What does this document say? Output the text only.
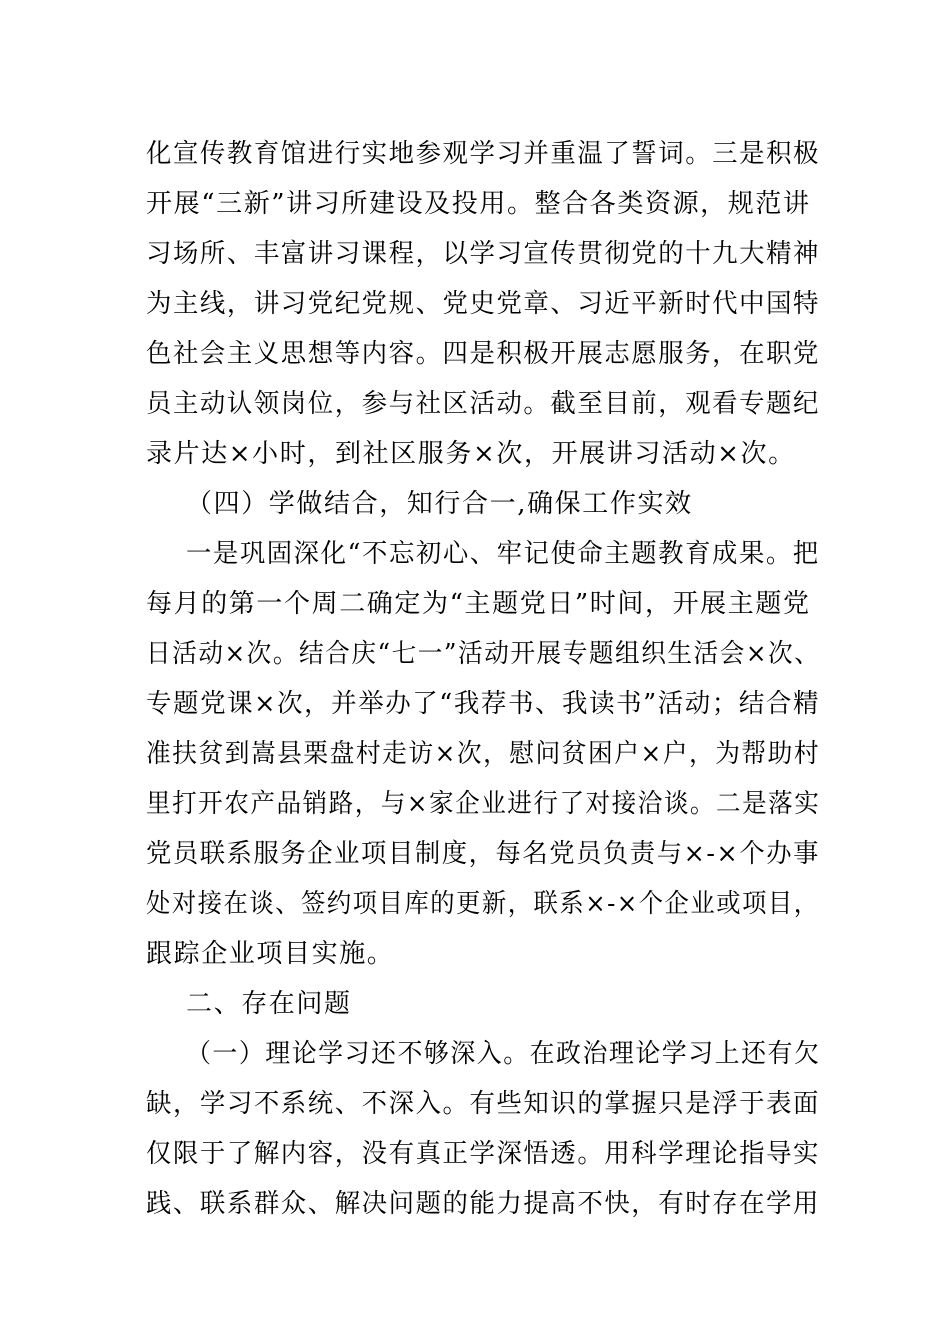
化宣传教育馆进行实地参观学习并重温了誓词。三是积极
开展“三新”讲习所建设及投用。整合各类资源，规范讲
习场所、丰富讲习课程，以学习宣传贯彻党的十九大精神
为主线，讲习党纪党规、党史党章、习近平新时代中国特
色社会主义思想等内容。四是积极开展志愿服务，在职党
员主动认领岗位，参与社区活动。截至目前，观看专题纪
录片达×小时，到社区服务×次，开展讲习活动×次。
（四）学做结合，知行合一,确保工作实效
一是巩固深化“不忘初心、牢记使命主题教育成果。把
每月的第一个周二确定为“主题党日”时间，开展主题党
日活动×次。结合庆“七一”活动开展专题组织生活会×次、
专题党课×次，并举办了“我荐书、我读书”活动；结合精
准扶贫到嵩县栗盘村走访×次，慰问贫困户×户，为帮助村
里打开农产品销路，与×家企业进行了对接洽谈。二是落实
党员联系服务企业项目制度，每名党员负责与×-×个办事
处对接在谈、签约项目库的更新，联系×-×个企业或项目，
跟踪企业项目实施。
二、存在问题
（一）理论学习还不够深入。在政治理论学习上还有欠
缺，学习不系统、不深入。有些知识的掌握只是浮于表面
仅限于了解内容，没有真正学深悟透。用科学理论指导实
践、联系群众、解决问题的能力提高不快，有时存在学用
